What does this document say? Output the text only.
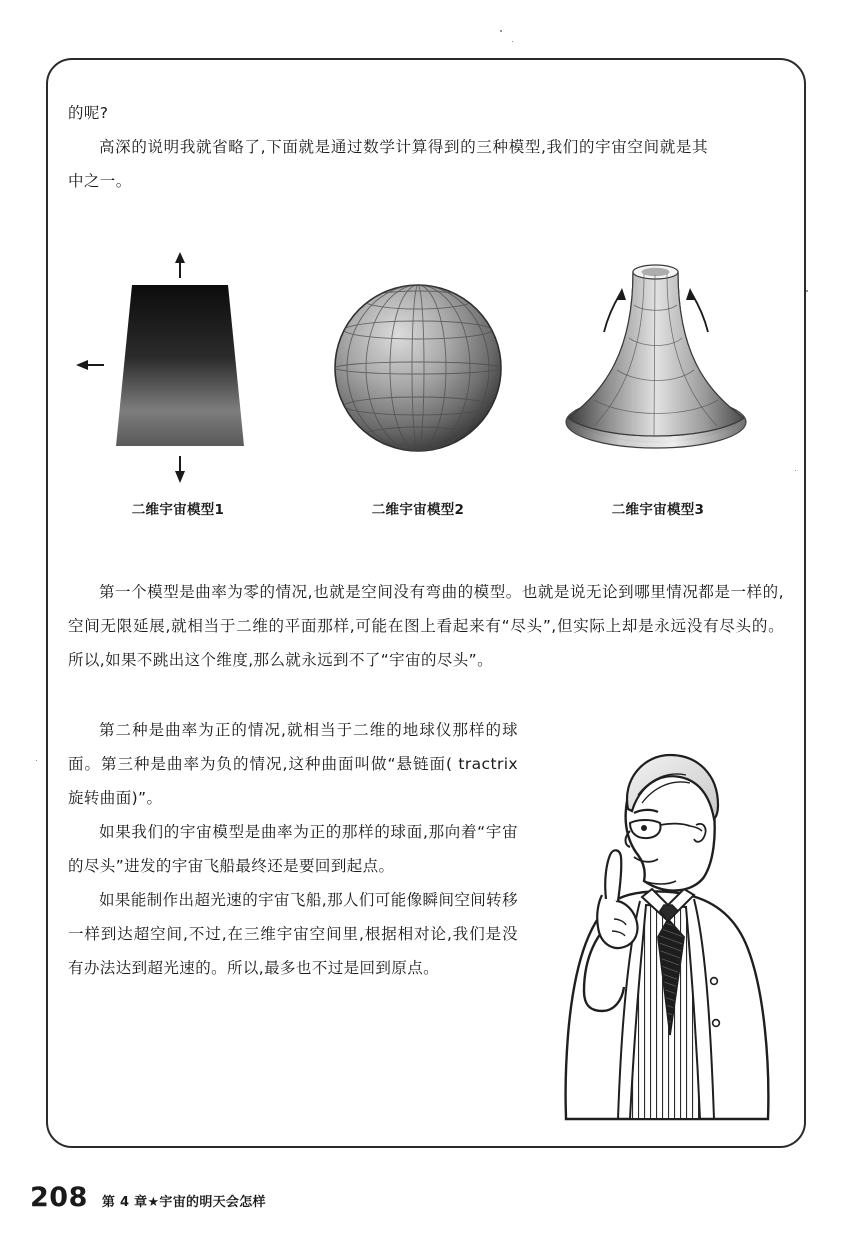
的呢?

高深的说明我就省略了,下面就是通过数学计算得到的三种模型,我们的宇宙空间就是其中之一。

二维宇宙模型1	二维宇宙模型2	二维宇宙模型3

第一个模型是曲率为零的情况,也就是空间没有弯曲的模型。也就是说无论到哪里情况都是一样的,空间无限延展,就相当于二维的平面那样,可能在图上看起来有“尽头”,但实际上却是永远没有尽头的。所以,如果不跳出这个维度,那么就永远到不了“宇宙的尽头”。

第二种是曲率为正的情况,就相当于二维的地球仪那样的球面。第三种是曲率为负的情况,这种曲面叫做“悬链面( tractrix 旋转曲面)”。

如果我们的宇宙模型是曲率为正的那样的球面,那向着“宇宙的尽头”进发的宇宙飞船最终还是要回到起点。

如果能制作出超光速的宇宙飞船,那人们可能像瞬间空间转移一样到达超空间,不过,在三维宇宙空间里,根据相对论,我们是没有办法达到超光速的。所以,最多也不过是回到原点。

208 第 4 章★宇宙的明天会怎样
